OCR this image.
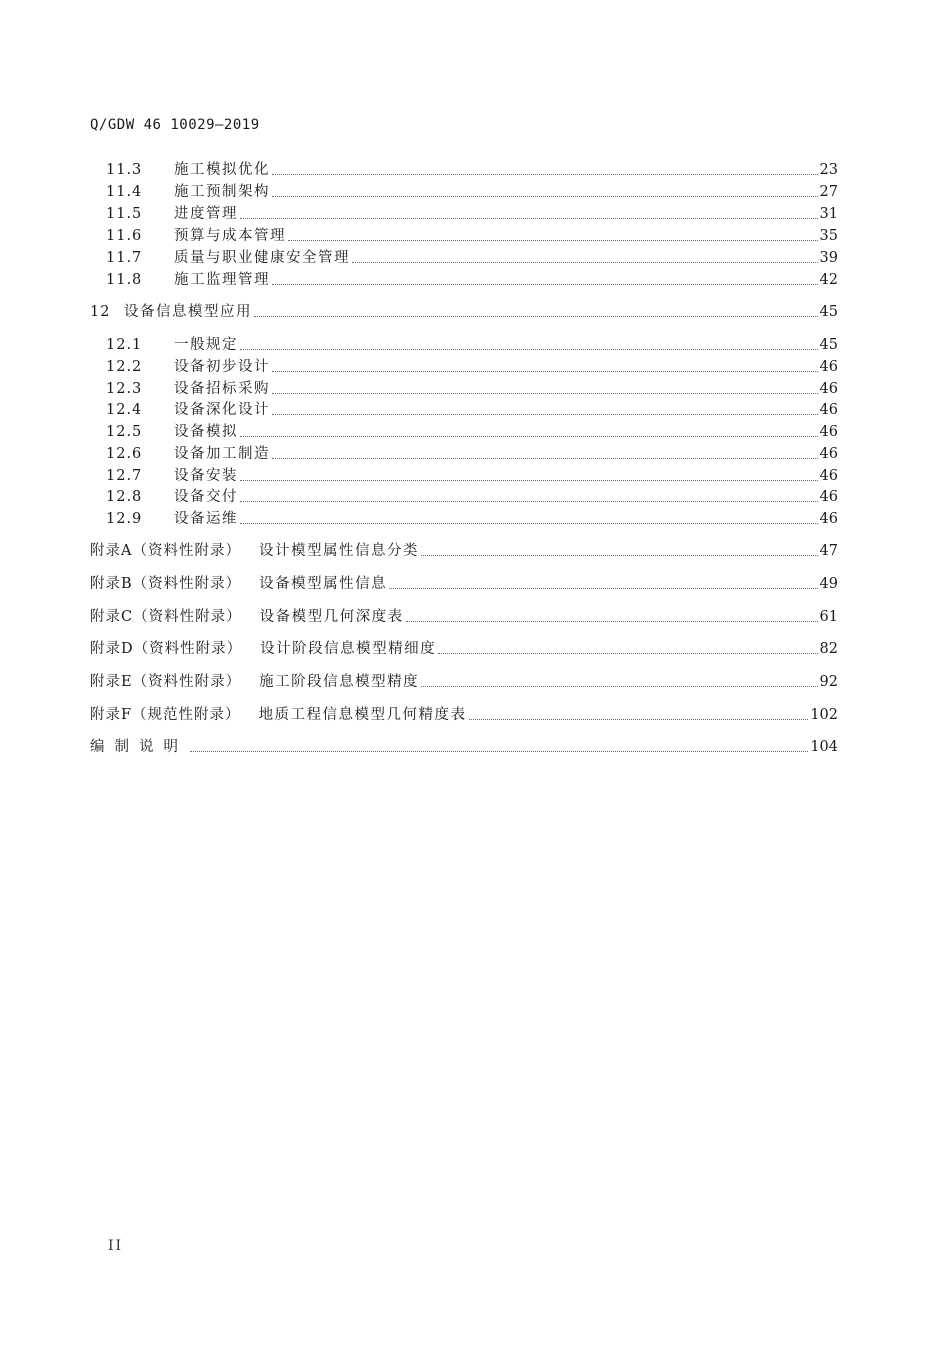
Q/GDW 46 10029—2019
11.3	施工模拟优化	23
11.4	施工预制架构	27
11.5	进度管理	31
11.6	预算与成本管理	35
11.7	质量与职业健康安全管理	39
11.8	施工监理管理	42
12 设备信息模型应用	45
12.1	一般规定	45
12.2	设备初步设计	46
12.3	设备招标采购	46
12.4	设备深化设计	46
12.5	设备模拟	46
12.6	设备加工制造	46
12.7	设备安装	46
12.8	设备交付	46
12.9	设备运维	46
附录A（资料性附录） 设计模型属性信息分类	47
附录B（资料性附录） 设备模型属性信息	49
附录C（资料性附录） 设备模型几何深度表	61
附录D（资料性附录） 设计阶段信息模型精细度	82
附录E（资料性附录） 施工阶段信息模型精度	92
附录F（规范性附录） 地质工程信息模型几何精度表	102
编制说明	104
II
